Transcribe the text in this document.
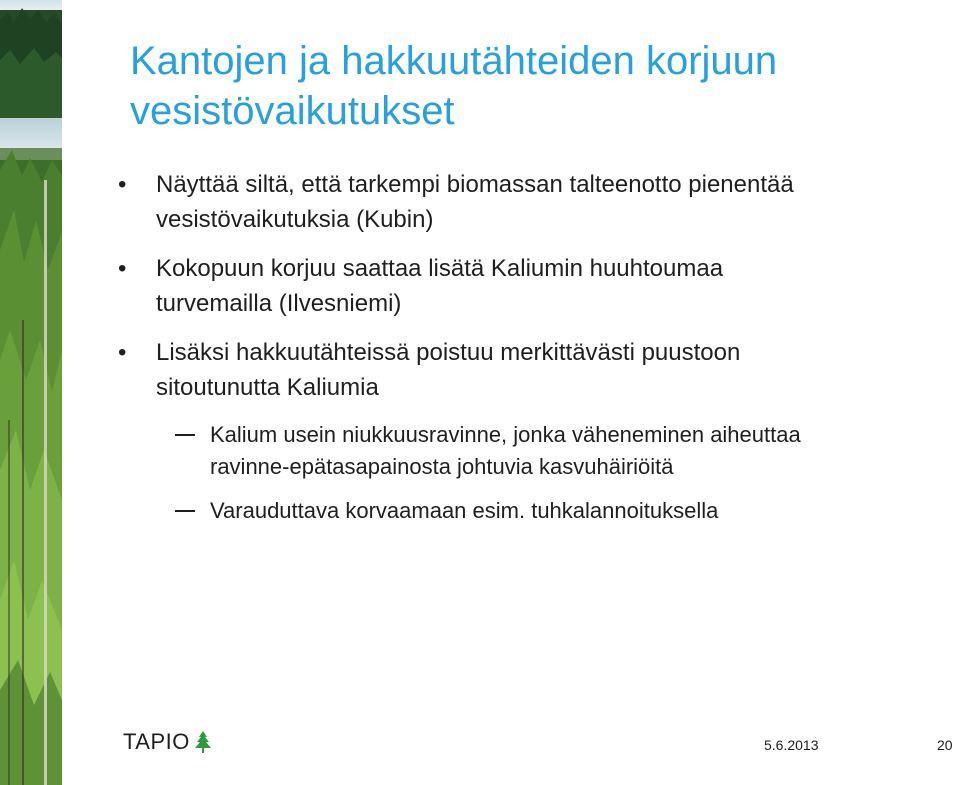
Kantojen ja hakkuutähteiden korjuun
vesistövaikutukset
•	Näyttää siltä, että tarkempi biomassan talteenotto pienentää
vesistövaikutuksia (Kubin)
•	Kokopuun korjuu saattaa lisätä Kaliumin huuhtoumaa
turvemailla (Ilvesniemi)
•	Lisäksi hakkuutähteissä poistuu merkittävästi puustoon
sitoutunutta Kaliumia
Kalium usein niukkuusravinne, jonka väheneminen aiheuttaa
ravinne-epätasapainosta johtuvia kasvuhäiriöitä
Varauduttava korvaamaan esim. tuhkalannoituksella
TAPIO	5.6.2013	20
